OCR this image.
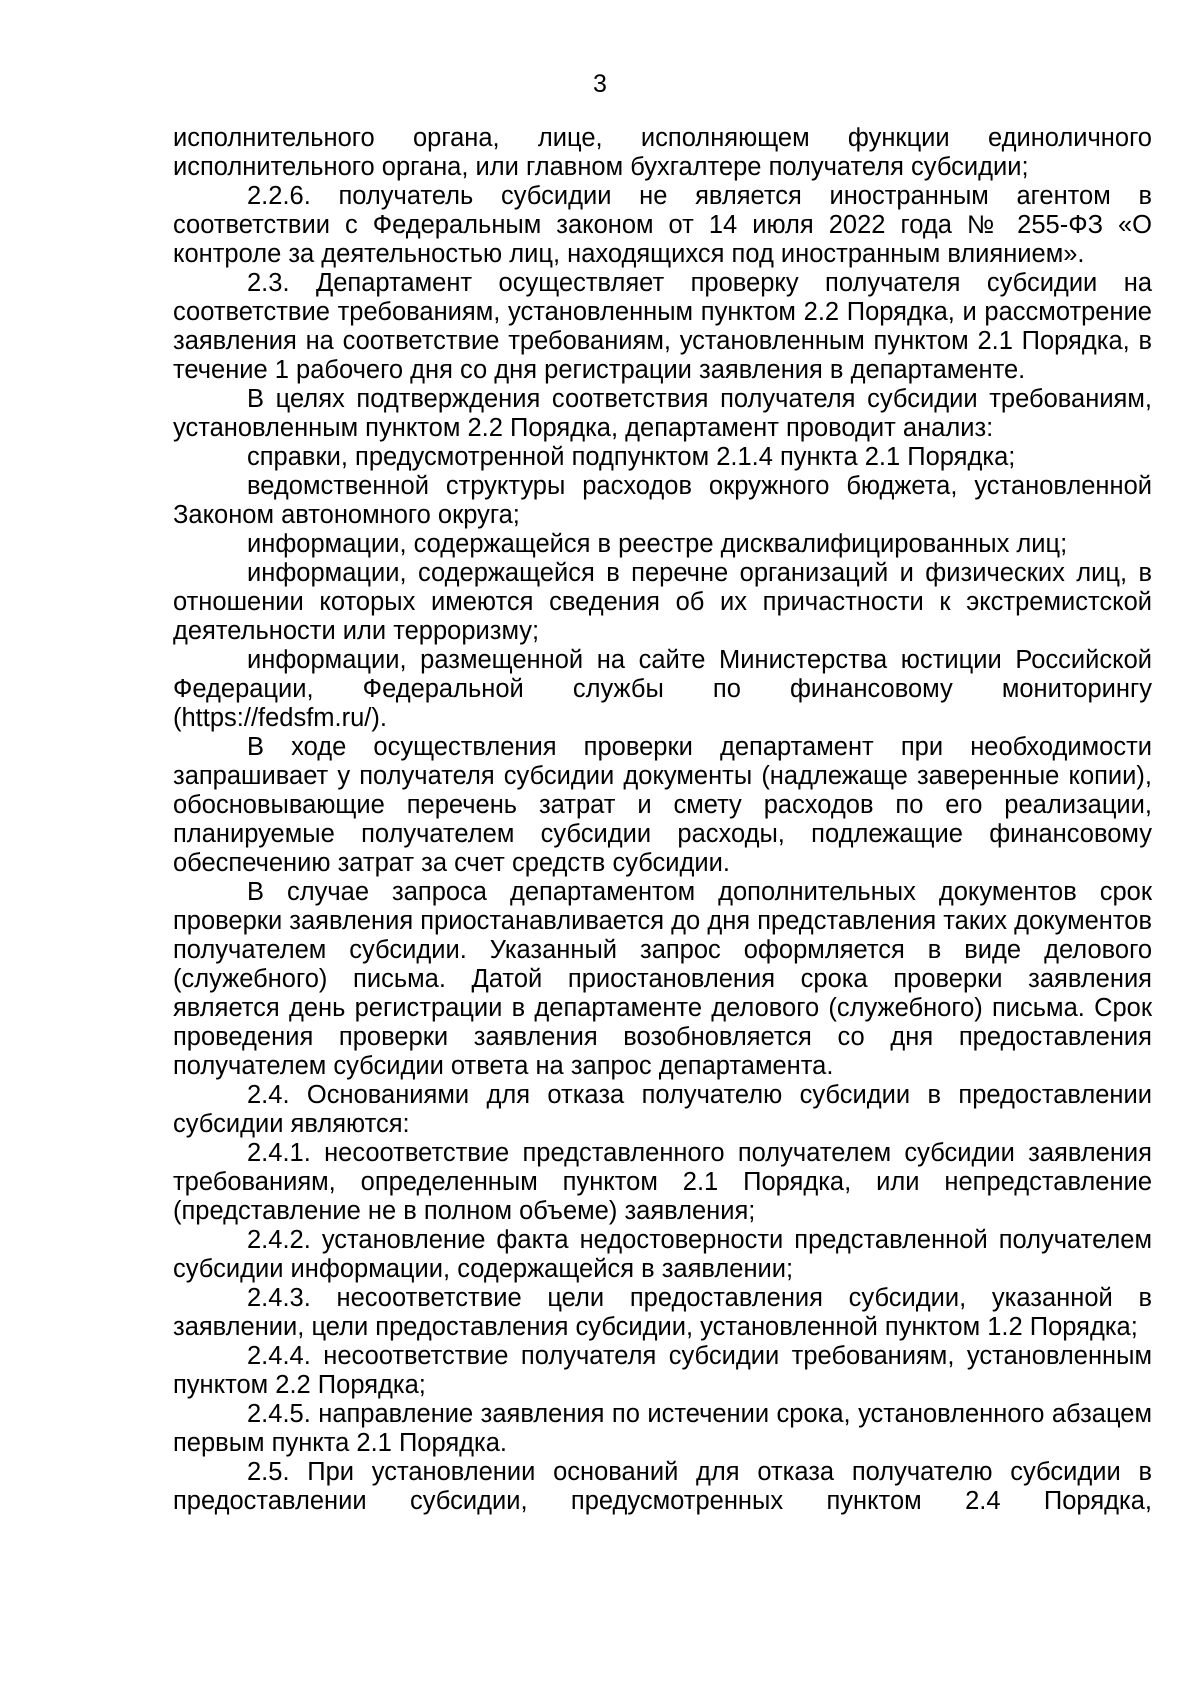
3

исполнительного органа, лице, исполняющем функции единоличного исполнительного органа, или главном бухгалтере получателя субсидии;

2.2.6. получатель субсидии не является иностранным агентом в соответствии с Федеральным законом от 14 июля 2022 года № 255-ФЗ «О контроле за деятельностью лиц, находящихся под иностранным влиянием».

2.3. Департамент осуществляет проверку получателя субсидии на соответствие требованиям, установленным пунктом 2.2 Порядка, и рассмотрение заявления на соответствие требованиям, установленным пунктом 2.1 Порядка, в течение 1 рабочего дня со дня регистрации заявления в департаменте.

В целях подтверждения соответствия получателя субсидии требованиям, установленным пунктом 2.2 Порядка, департамент проводит анализ:

справки, предусмотренной подпунктом 2.1.4 пункта 2.1 Порядка;

ведомственной структуры расходов окружного бюджета, установленной Законом автономного округа;

информации, содержащейся в реестре дисквалифицированных лиц;

информации, содержащейся в перечне организаций и физических лиц, в отношении которых имеются сведения об их причастности к экстремистской деятельности или терроризму;

информации, размещенной на сайте Министерства юстиции Российской Федерации, Федеральной службы по финансовому мониторингу (https://fedsfm.ru/).

В ходе осуществления проверки департамент при необходимости запрашивает у получателя субсидии документы (надлежаще заверенные копии), обосновывающие перечень затрат и смету расходов по его реализации, планируемые получателем субсидии расходы, подлежащие финансовому обеспечению затрат за счет средств субсидии.

В случае запроса департаментом дополнительных документов срок проверки заявления приостанавливается до дня представления таких документов получателем субсидии. Указанный запрос оформляется в виде делового (служебного) письма. Датой приостановления срока проверки заявления является день регистрации в департаменте делового (служебного) письма. Срок проведения проверки заявления возобновляется со дня предоставления получателем субсидии ответа на запрос департамента.

2.4. Основаниями для отказа получателю субсидии в предоставлении субсидии являются:

2.4.1. несоответствие представленного получателем субсидии заявления требованиям, определенным пунктом 2.1 Порядка, или непредставление (представление не в полном объеме) заявления;

2.4.2. установление факта недостоверности представленной получателем субсидии информации, содержащейся в заявлении;

2.4.3. несоответствие цели предоставления субсидии, указанной в заявлении, цели предоставления субсидии, установленной пунктом 1.2 Порядка;

2.4.4. несоответствие получателя субсидии требованиям, установленным пунктом 2.2 Порядка;

2.4.5. направление заявления по истечении срока, установленного абзацем первым пункта 2.1 Порядка.

2.5. При установлении оснований для отказа получателю субсидии в предоставлении субсидии, предусмотренных пунктом 2.4 Порядка,
